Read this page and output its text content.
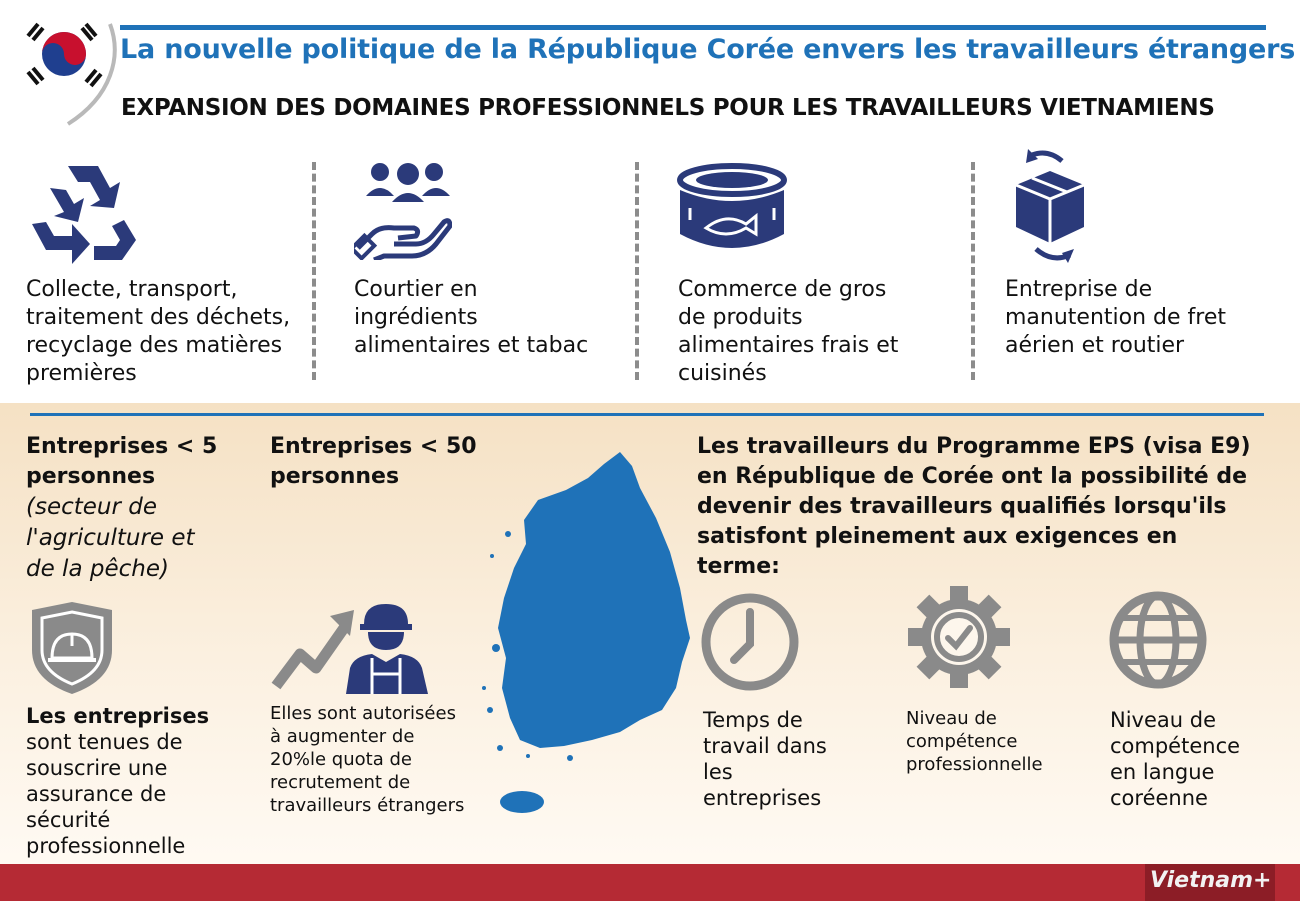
La nouvelle politique de la République Corée envers les travailleurs étrangers
EXPANSION DES DOMAINES PROFESSIONNELS POUR LES TRAVAILLEURS VIETNAMIENS
Collecte, transport,
traitement des déchets,
recyclage des matières
premières
Courtier en
ingrédients
alimentaires et tabac
Commerce de gros
de produits
alimentaires frais et
cuisinés
Entreprise de
manutention de fret
aérien et routier
Entreprises < 5
personnes
(secteur de
l'agriculture et
de la pêche)
Les entreprises
sont tenues de
souscrire une
assurance de
sécurité
professionnelle
Entreprises < 50
personnes
Elles sont autorisées
à augmenter de
20%le quota de
recrutement de
travailleurs étrangers
Les travailleurs du Programme EPS (visa E9)
en République de Corée ont la possibilité de
devenir des travailleurs qualifiés lorsqu'ils
satisfont pleinement aux exigences en
terme:
Temps de
travail dans
les
entreprises
Niveau de
compétence
professionnelle
Niveau de
compétence
en langue
coréenne
Vietnam+
